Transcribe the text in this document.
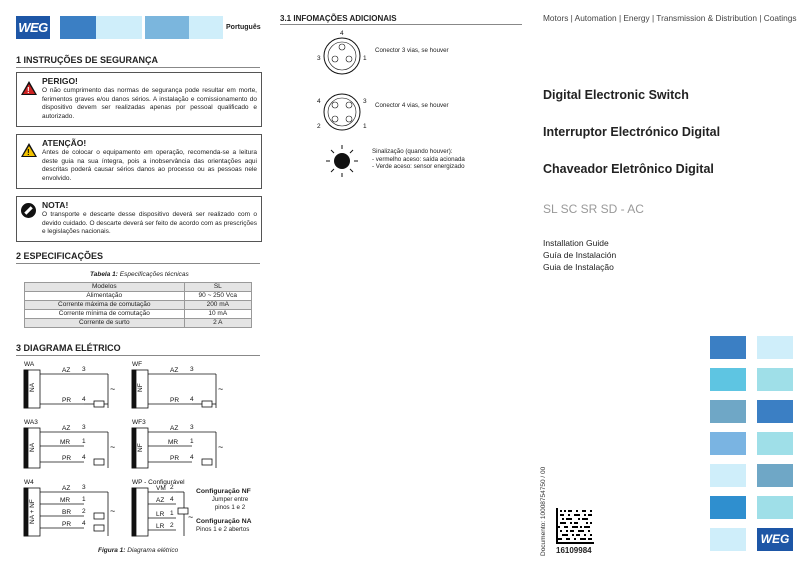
WEG	Português
1 INSTRUÇÕES DE SEGURANÇA
!
PERIGO!
O não cumprimento das normas de segurança pode resultar em morte, ferimentos graves e/ou danos sérios. A instalação e comissionamento do dispositivo devem ser realizadas apenas por pessoal qualificado e autorizado.
!
ATENÇÃO!
Antes de colocar o equipamento em operação, recomenda-se a leitura deste guia na sua íntegra, pois a inobservância das orientações aqui descritas poderá causar sérios danos ao processo ou as pessoas nele envolvido.
NOTA!
O transporte e descarte desse dispositivo deverá ser realizado com o devido cuidado. O descarte deverá ser feito de acordo com as prescrições e legislações nacionais.
2 ESPECIFICAÇÕES
Tabela 1: Especificações técnicas
Modelos	SL
Alimentação	90 ~ 250 Vca
Corrente máxima de comutação	200 mA
Corrente mínima de comutação	10 mA
Corrente de surto	2 A
3 DIAGRAMA ELÉTRICO
WA
NA
AZ
PR
3
4
~
WF
NF
AZ
PR
3
4
~
WA3
NA
AZ
MR
PR
3
1
4
~
WF3
NF
AZ
MR
PR
3
1
4
~
W4
NA + NF
AZ
MR
BR
PR
3
1
2
4
~
WP - Configurável
VM
AZ
LR
LR
2
4
1
2
~
Configuração NF
Jumper entre pinos 1 e 2
Configuração NA
Pinos 1 e 2 abertos
Figura 1: Diagrama elétrico
3.1 INFOMAÇÕES ADICIONAIS
4
3	1
4	3
2	1
Conector 3 vias, se houver
Conector 4 vias, se houver
Sinalização (quando houver):
- vermelho aceso: saída acionada
- Verde aceso: sensor energizado
Motors | Automation | Energy | Transmission & Distribution | Coatings
Digital Electronic Switch
Interruptor Electrónico Digital
Chaveador Eletrônico Digital
SL SC SR SD - AC
Installation Guide
Guía de Instalación
Guia de Instalação
WEG
Documento: 10008754750 / 00 16109984
